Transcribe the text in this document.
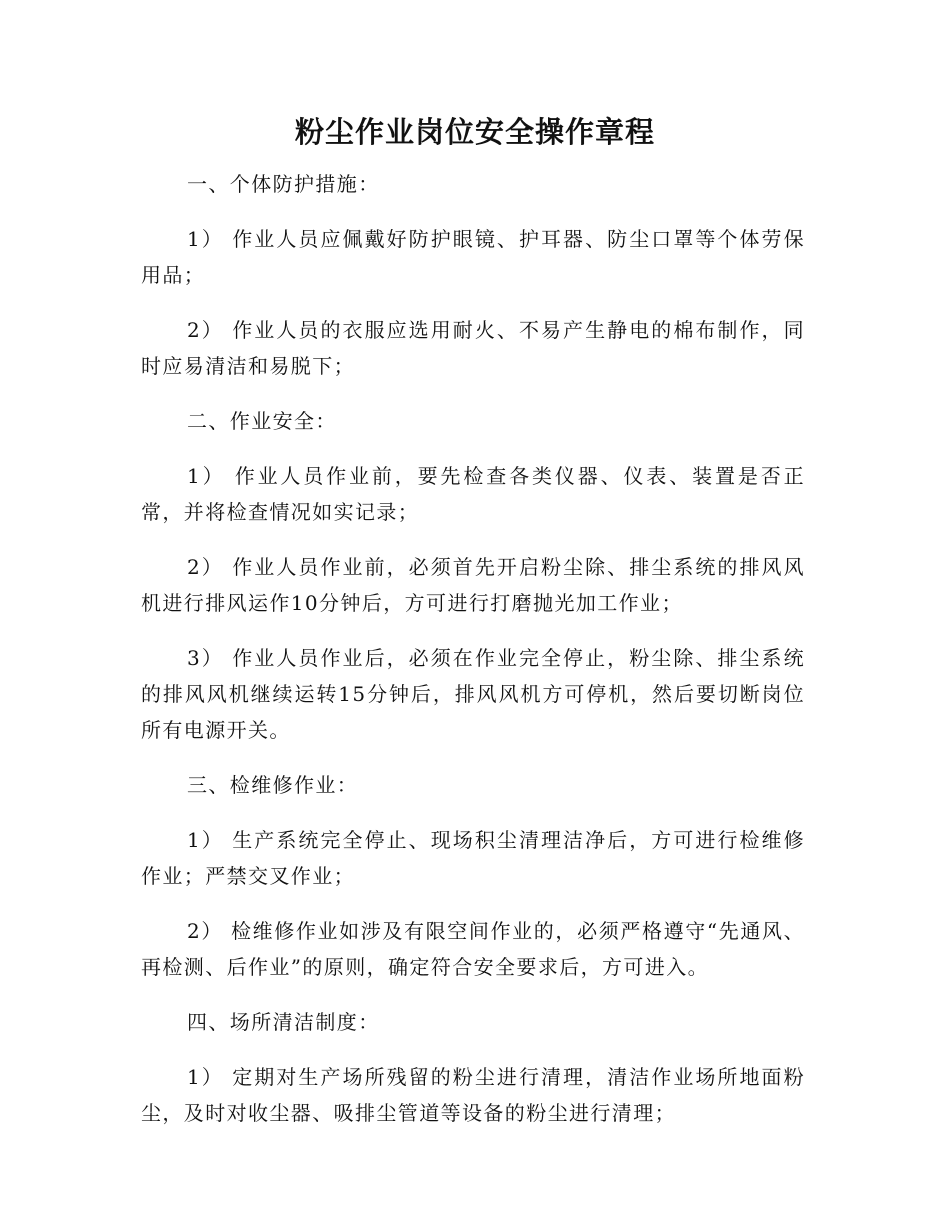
粉尘作业岗位安全操作章程

一、个体防护措施：

1） 作业人员应佩戴好防护眼镜、护耳器、防尘口罩等个体劳保用品；

2） 作业人员的衣服应选用耐火、不易产生静电的棉布制作，同时应易清洁和易脱下；

二、作业安全：

1） 作业人员作业前，要先检查各类仪器、仪表、装置是否正常，并将检查情况如实记录；

2） 作业人员作业前，必须首先开启粉尘除、排尘系统的排风风机进行排风运作10分钟后，方可进行打磨抛光加工作业；

3） 作业人员作业后，必须在作业完全停止，粉尘除、排尘系统的排风风机继续运转15分钟后，排风风机方可停机，然后要切断岗位所有电源开关。

三、检维修作业：

1） 生产系统完全停止、现场积尘清理洁净后，方可进行检维修作业；严禁交叉作业；

2） 检维修作业如涉及有限空间作业的，必须严格遵守“先通风、再检测、后作业”的原则，确定符合安全要求后，方可进入。

四、场所清洁制度：

1） 定期对生产场所残留的粉尘进行清理，清洁作业场所地面粉尘，及时对收尘器、吸排尘管道等设备的粉尘进行清理；
